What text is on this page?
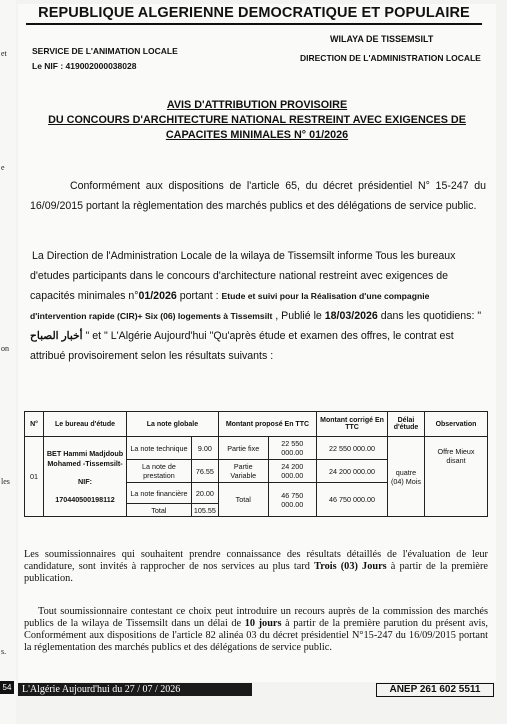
et
e
on
les
s.
REPUBLIQUE ALGERIENNE DEMOCRATIQUE ET POPULAIRE
WILAYA DE TISSEMSILT
SERVICE DE L'ANIMATION LOCALE
Le NIF : 419002000038028
DIRECTION DE L'ADMINISTRATION LOCALE
AVIS D'ATTRIBUTION PROVISOIRE
DU CONCOURS D'ARCHITECTURE NATIONAL RESTREINT AVEC EXIGENCES DE
CAPACITES MINIMALES N° 01/2026
Conformément aux dispositions de l'article 65, du décret présidentiel N° 15-247 du 16/09/2015 portant la règlementation des marchés publics et des délégations de service public.
La Direction de l'Administration Locale de la wilaya de Tissemsilt informe Tous les bureaux d'etudes participants dans le concours d'architecture national restreint avec exigences de capacités minimales n°01/2026 portant : Etude et suivi pour la Réalisation d'une compagnie d'intervention rapide (CIR)+ Six (06) logements à Tissemsilt , Publié le 18/03/2026 dans les quotidiens: " أخبار الصباح " et " L'Algérie Aujourd'hui "Qu'après étude et examen des offres, le contrat est attribué provisoirement selon les résultats suivants :
N°	Le bureau d'étude	La note globale		Montant proposé En TTC		Montant corrigé En TTC	Délai d'étude	Observation
01	BET Hammi Madjdoub Mohamed -Tissemsilt-
NIF:
170440500198112	La note technique	9.00	Partie fixe	22 550 000.00	22 550 000.00	quatre (04) Mois	Offre Mieux disant
		La note de prestation	76.55	Partie Variable	24 200 000.00	24 200 000.00		
		La note financière	20.00	Total	46 750 000.00	46 750 000.00		
		Total	105.55					
Les soumissionnaires qui souhaitent prendre connaissance des résultats détaillés de l'évaluation de leur candidature, sont invités à rapprocher de nos services au plus tard Trois (03) Jours à partir de la première publication.
Tout soumissionnaire contestant ce choix peut introduire un recours auprès de la commission des marchés publics de la wilaya de Tissemsilt dans un délai de 10 jours à partir de la première parution du présent avis, Conformément aux dispositions de l'article 82 alinéa 03 du décret présidentiel N°15-247 du 16/09/2015 portant la réglementation des marchés publics et des délégations de service public.
54	L'Algérie Aujourd'hui du 27 / 07 / 2026	ANEP 261 602 5511
